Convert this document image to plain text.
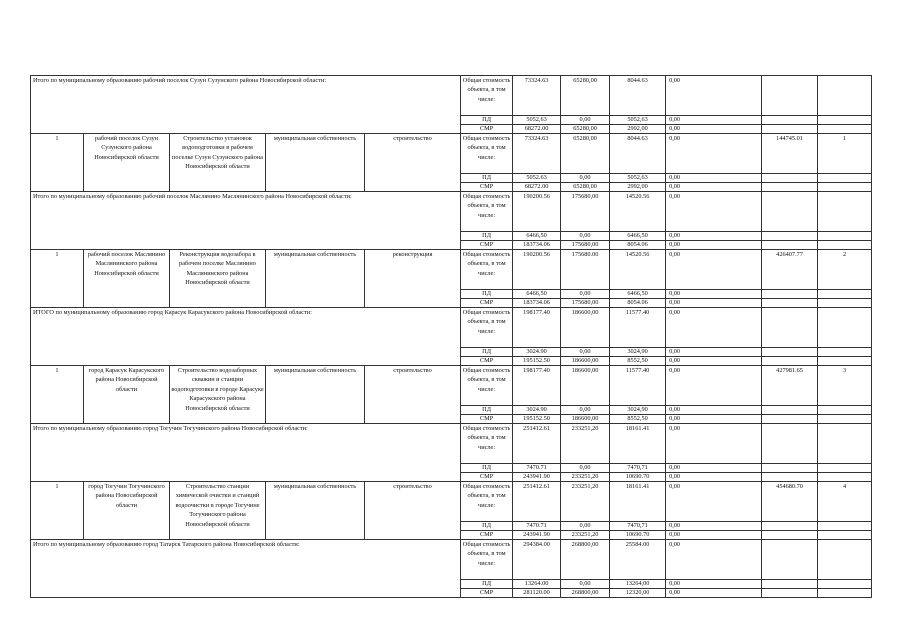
Итого по муниципальному образованию рабочий поселок Сузун Сузунского района Новосибирской области:					Общая стоимость объекта, в том числе:	73324.63	65280,00	8044.63	0,00		
					ПД	5052,63	0,00	5052,63	0,00		
					СМР	68272.00	65280,00	2992,00	0,00		
1	рабочий поселок Сузун Сузунского района Новосибирской области	Строительство установок водоподготовки в рабочем поселке Сузун Сузунского района Новосибирской области	муниципальная собственность	строительство	Общая стоимость объекта, в том числе:	73324.63	65280,00	8044.63	0,00	144745.01	1
					ПД	5052.63	0,00	5052,63	0,00		
					СМР	68272.00	65280,00	2992,00	0,00		
Итого по муниципальному образованию рабочий поселок Маслянино Маслянинского района Новосибирской области:					Общая стоимость объекта, в том числе:	190200.56	175680,00	14520.56	0,00		
					ПД	6466,50	0,00	6466,50	0,00		
					СМР	183734.06	175680,00	8054.06	0,00		
1	рабочий поселок Маслянино Маслянинского района Новосибирской области	Реконструкция водозабора в рабочем поселке Маслянино Маслянинского района Новосибирской области	муниципальная собственность	реконструкция	Общая стоимость объекта, в том числе:	190200.56	175680.00	14520.56	0,00	426407.77	2
					ПД	6466,50	0,00	6466,50	0,00		
					СМР	183734.06	175680,00	8054.06	0,00		
ИТОГО по муниципальному образованию город Карасук Карасукского района Новосибирской области:					Общая стоимость объекта, в том числе:	198177.40	186600,00	11577.40	0,00		
					ПД	3024.90	0,00	3024,90	0,00		
					СМР	195152.50	186600,00	8552,50	0,00		
1	город Карасук Карасукского района Новосибирской области	Строительство водозаборных скважин и станции водоподготовки в городе Карасуке Карасукского района Новосибирской области	муниципальная собственность	строительство	Общая стоимость объекта, в том числе:	198177.40	186600,00	11577.40	0,00	427981.65	3
					ПД	3024.90	0,00	3024,90	0,00		
					СМР	195152.50	186600,00	8552,50	0,00		
Итого по муниципальному образованию город Тогучин Тогучинского района Новосибирской области:					Общая стоимость объекта, в том числе:	251412.61	233251,20	18161.41	0,00		
					ПД	7470.71	0,00	7470,71	0,00		
					СМР	243941.90	233251,20	10690.70	0,00		
1	город Тогучин Тогучинского района Новосибирской области	Строительство станции химической очистки и станций водоочистки в городе Тогучине Тогучинского района Новосибирской области	муниципальная собственность	строительство	Общая стоимость объекта, в том числе:	251412.61	233251,20	18161.41	0,00	454680.70	4
					ПД	7470.71	0,00	7470,71	0,00		
					СМР	243941.90	233251,20	10690.70	0,00		
Итого по муниципальному образованию город Татарск Татарского района Новосибирской области:					Общая стоимость объекта, в том числе:	294384.00	268800,00	25584.00	0,00		
					ПД	13264.00	0,00	13264,00	0,00		
					СМР	281120.00	268800,00	12320,00	0,00		
